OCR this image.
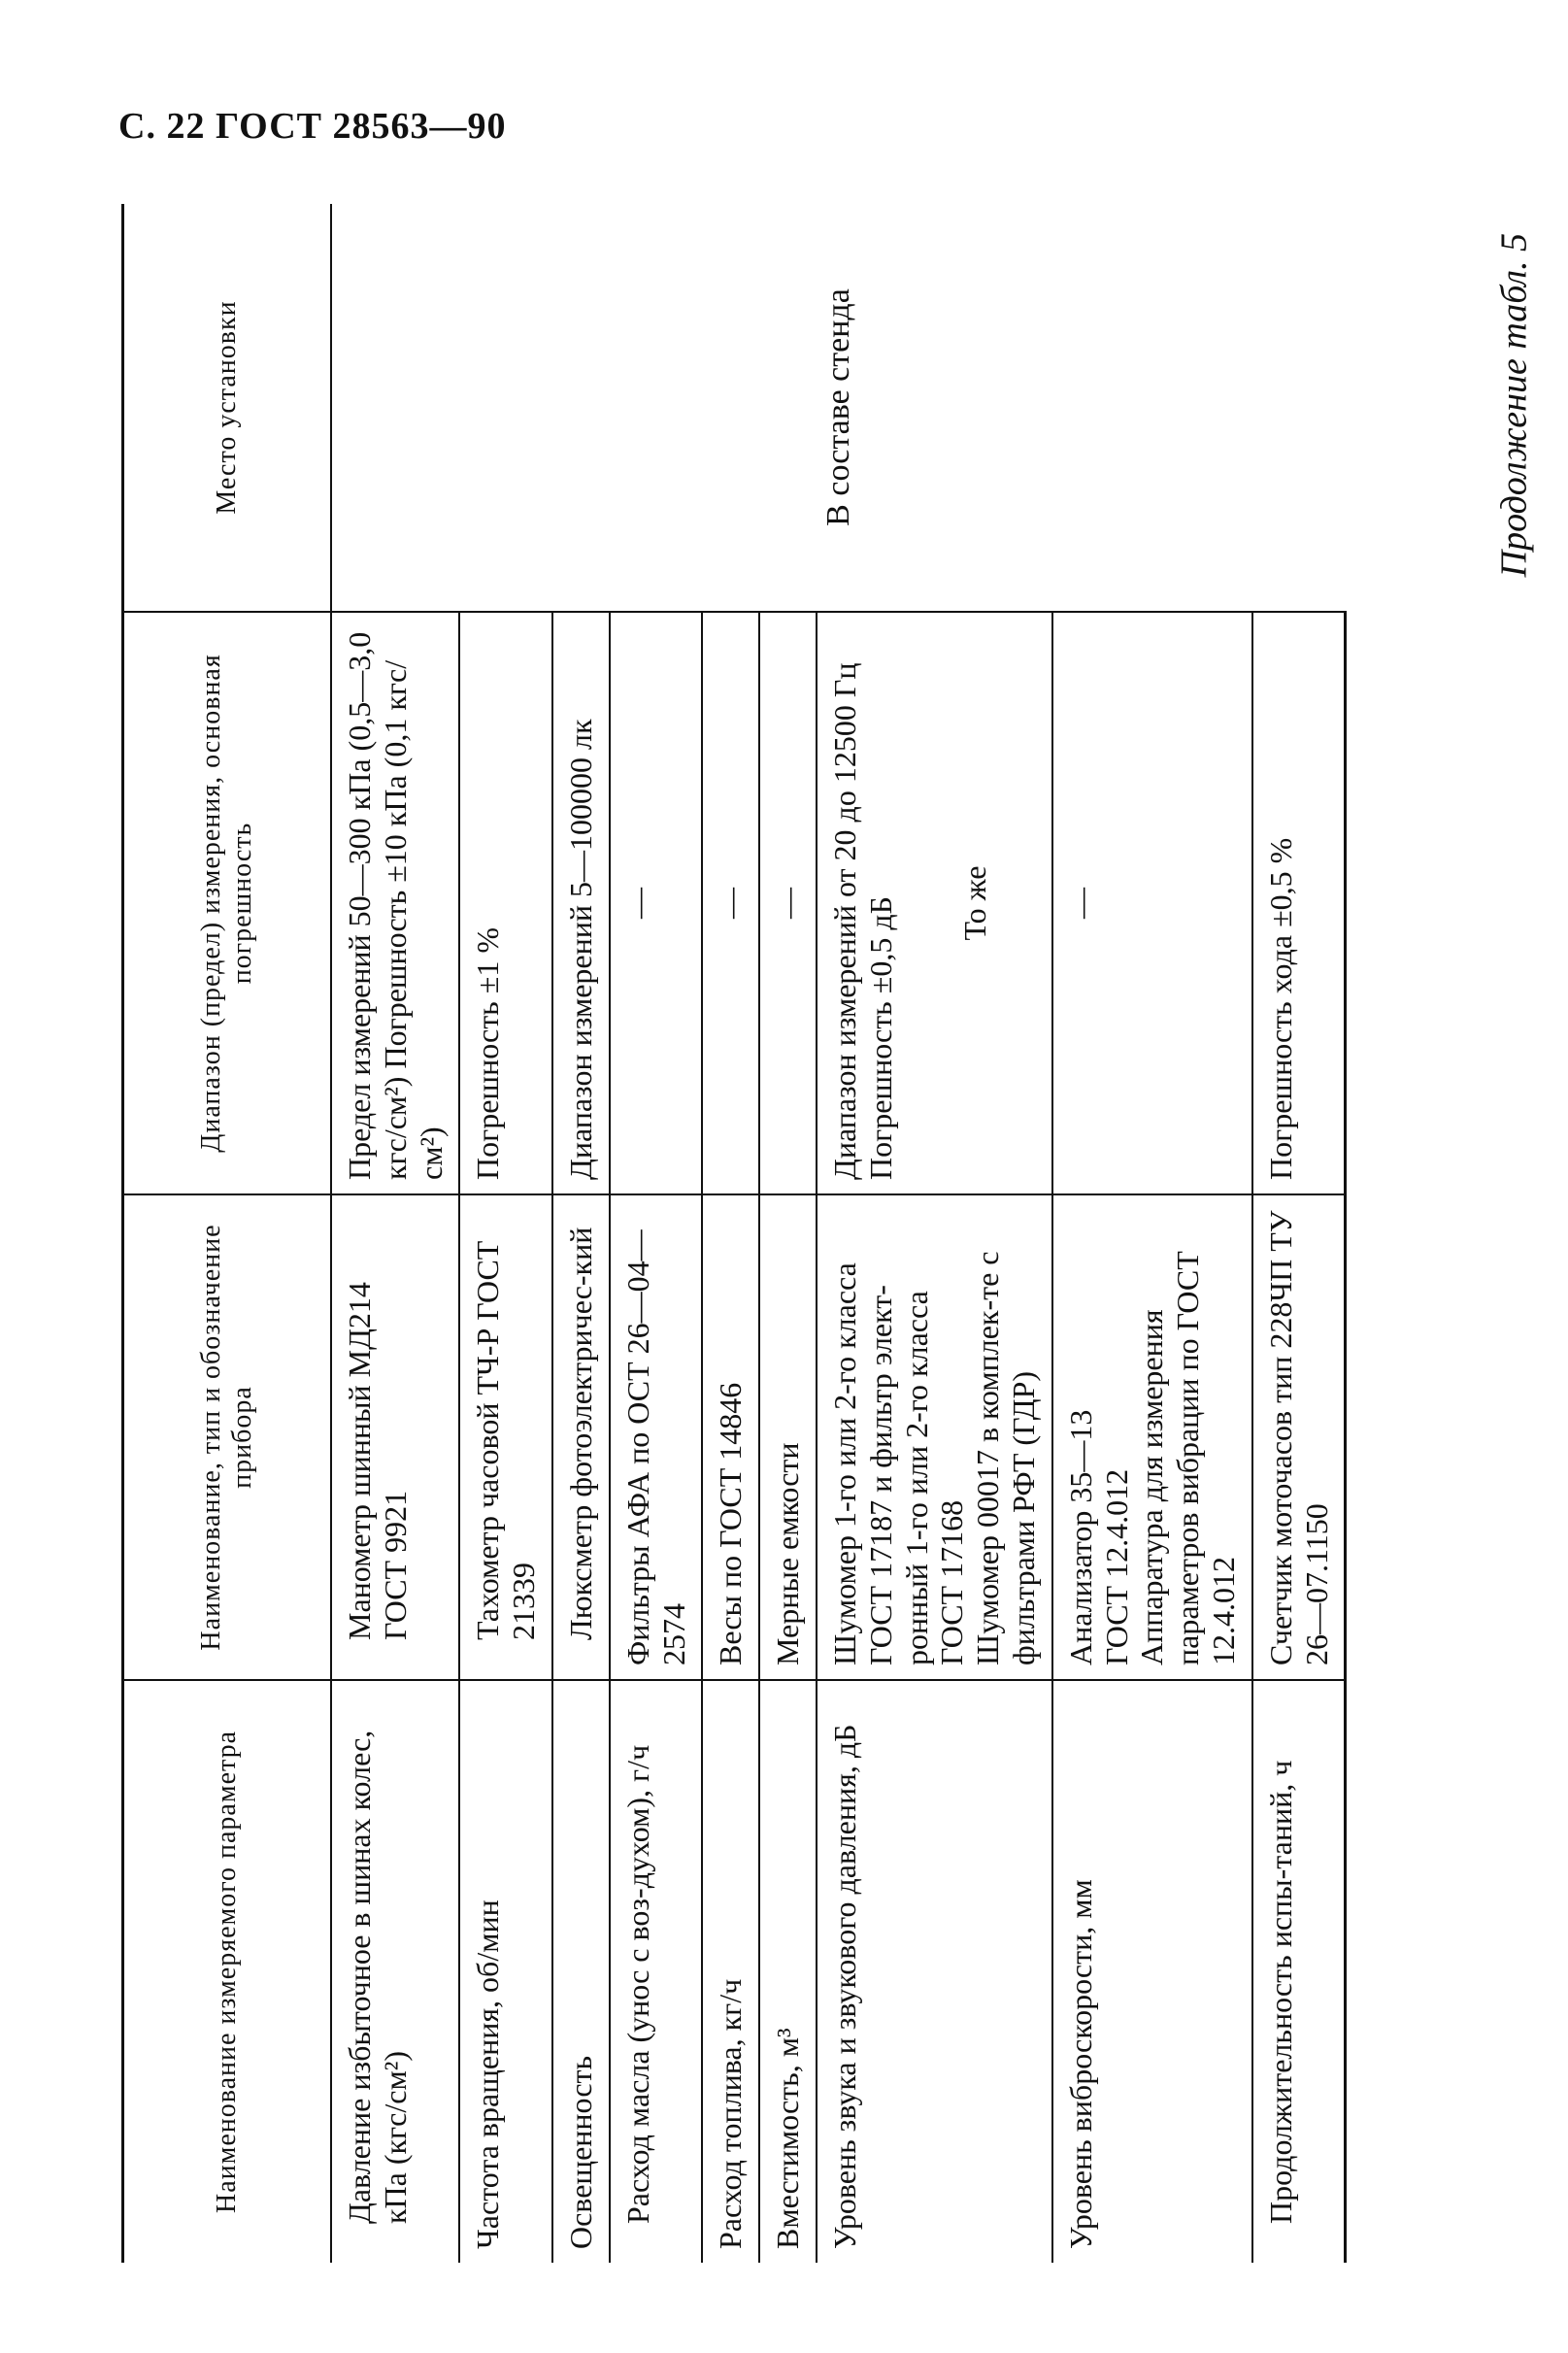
С. 22 ГОСТ 28563—90
Продолжение табл. 5
Наименование измеряемого параметра	Наименование, тип и обозначение прибора	Диапазон (предел) измерения, основная погрешность	Место установки
Давление избыточное в шинах колес, кПа (кгс/см²)	Манометр шинный МД214 ГОСТ 9921	Предел измерений 50—300 кПа (0,5—3,0 кгс/см²) Погрешность ±10 кПа (0,1 кгс/см²)	В составе стенда
Частота вращения, об/мин	Тахометр часовой ТЧ-Р ГОСТ 21339	Погрешность ±1 %	
Освещенность	Люксметр фотоэлектричес-кий	Диапазон измерений 5—100000 лк	
Расход масла (унос с воз-духом), г/ч	Фильтры АФА по ОСТ 26—04—2574	—	
Расход топлива, кг/ч	Весы по ГОСТ 14846	—	
Вместимость, м³	Мерные емкости	—	
Уровень звука и звукового давления, дБ	Шумомер 1-го или 2-го класса ГОСТ 17187 и фильтр элект-ронный 1-го или 2-го класса ГОСТ 17168 Шумомер 00017 в комплек-те с фильтрами РФТ (ГДР)	Диапазон измерений от 20 до 12500 Гц Погрешность ±0,5 дБ То же	

Уровень виброскорости, мм	Анализатор 35—13 ГОСТ 12.4.012 Аппаратура для измерения параметров вибрации по ГОСТ 12.4.012	—	
Продолжительность испы-таний, ч	Счетчик моточасов тип 228ЧП ТУ 26—07.1150	Погрешность хода ±0,5 %	
